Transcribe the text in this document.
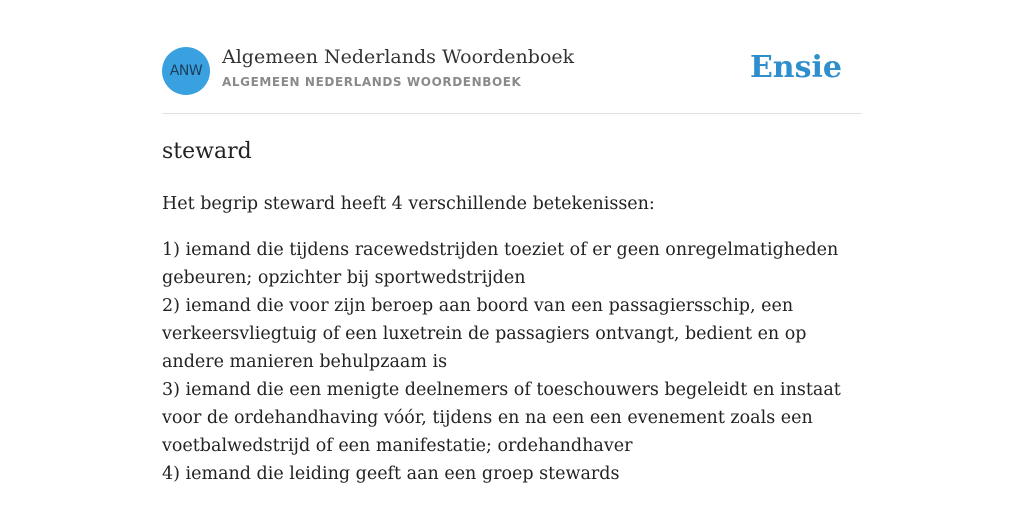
ANW
Algemeen Nederlands Woordenboek
ALGEMEEN NEDERLANDS WOORDENBOEK	Ensie
steward

Het begrip steward heeft 4 verschillende betekenissen:

1) iemand die tijdens racewedstrijden toeziet of er geen onregelmatigheden gebeuren; opzichter bij sportwedstrijden
2) iemand die voor zijn beroep aan boord van een passagiersschip, een verkeersvliegtuig of een luxetrein de passagiers ontvangt, bedient en op andere manieren behulpzaam is
3) iemand die een menigte deelnemers of toeschouwers begeleidt en instaat voor de ordehandhaving vóór, tijdens en na een een evenement zoals een voetbalwedstrijd of een manifestatie; ordehandhaver
4) iemand die leiding geeft aan een groep stewards
